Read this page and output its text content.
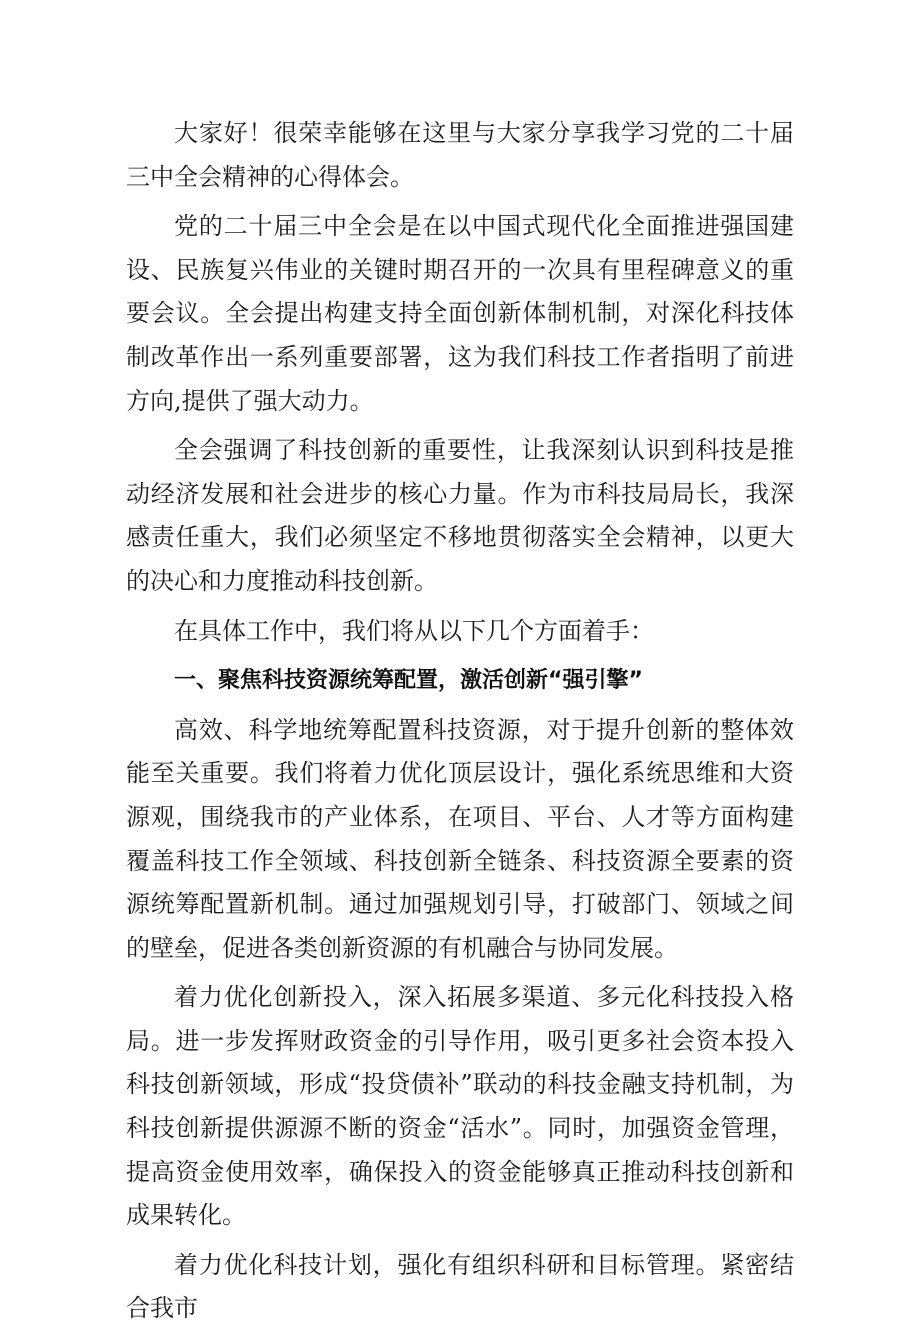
大家好！很荣幸能够在这里与大家分享我学习党的二十届三中全会精神的心得体会。

党的二十届三中全会是在以中国式现代化全面推进强国建设、民族复兴伟业的关键时期召开的一次具有里程碑意义的重要会议。全会提出构建支持全面创新体制机制，对深化科技体制改革作出一系列重要部署，这为我们科技工作者指明了前进方向,提供了强大动力。

全会强调了科技创新的重要性，让我深刻认识到科技是推动经济发展和社会进步的核心力量。作为市科技局局长，我深感责任重大，我们必须坚定不移地贯彻落实全会精神，以更大的决心和力度推动科技创新。

在具体工作中，我们将从以下几个方面着手：

一、聚焦科技资源统筹配置，激活创新“强引擎”

高效、科学地统筹配置科技资源，对于提升创新的整体效能至关重要。我们将着力优化顶层设计，强化系统思维和大资源观，围绕我市的产业体系，在项目、平台、人才等方面构建覆盖科技工作全领域、科技创新全链条、科技资源全要素的资源统筹配置新机制。通过加强规划引导，打破部门、领域之间的壁垒，促进各类创新资源的有机融合与协同发展。

着力优化创新投入，深入拓展多渠道、多元化科技投入格局。进一步发挥财政资金的引导作用，吸引更多社会资本投入科技创新领域，形成“投贷债补”联动的科技金融支持机制，为科技创新提供源源不断的资金“活水”。同时，加强资金管理，提高资金使用效率，确保投入的资金能够真正推动科技创新和成果转化。

着力优化科技计划，强化有组织科研和目标管理。紧密结合我市
